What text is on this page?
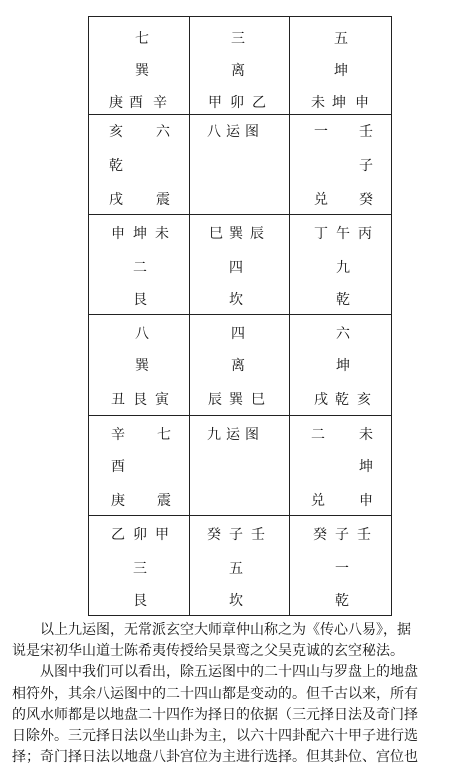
七
巽
庚 酉 辛
三
离
甲 卯 乙
五
坤
未 坤 申
亥 六
乾
戌 震
八 运 图	一 壬
子
兑 癸
申 坤 未
二
艮
巳 巽 辰
四
坎
丁 午 丙
九
乾
八
巽
丑 艮 寅
四
离
辰 巽 巳
六
坤
戌 乾 亥
辛 七
酉
庚 震
九 运 图	二 未
坤
兑 申
乙 卯 甲
三
艮
癸 子 壬
五
坎
癸 子 壬
一
乾
以上九运图，无常派玄空大师章仲山称之为《传心八易》，据
说是宋初华山道士陈希夷传授给吴景鸾之父吴克诚的玄空秘法。
从图中我们可以看出，除五运图中的二十四山与罗盘上的地盘
相符外，其余八运图中的二十四山都是变动的。但千古以来，所有
的风水师都是以地盘二十四作为择日的依据（三元择日法及奇门择
日除外。三元择日法以坐山卦为主，以六十四卦配六十甲子进行选
择；奇门择日法以地盘八卦宫位为主进行选择。但其卦位、宫位也
